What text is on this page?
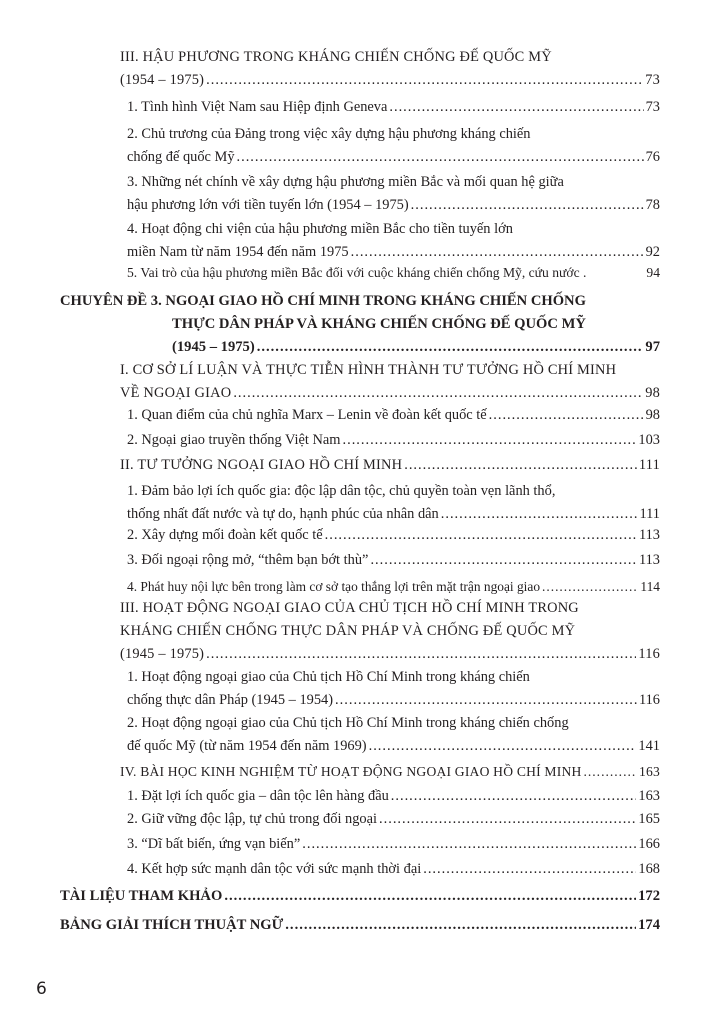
III. HẬU PHƯƠNG TRONG KHÁNG CHIẾN CHỐNG ĐẾ QUỐC MỸ
(1954 – 1975) .....	73
1. Tình hình Việt Nam sau Hiệp định Geneva .....	73
2. Chủ trương của Đảng trong việc xây dựng hậu phương kháng chiến
chống đế quốc Mỹ .....	76
3. Những nét chính về xây dựng hậu phương miền Bắc và mối quan hệ giữa
hậu phương lớn với tiền tuyến lớn (1954 – 1975) .....	78
4. Hoạt động chi viện của hậu phương miền Bắc cho tiền tuyến lớn
miền Nam từ năm 1954 đến năm 1975 .....	92
5. Vai trò của hậu phương miền Bắc đối với cuộc kháng chiến chống Mỹ, cứu nước .	94
CHUYÊN ĐỀ 3. NGOẠI GIAO HỒ CHÍ MINH TRONG KHÁNG CHIẾN CHỐNG
THỰC DÂN PHÁP VÀ KHÁNG CHIẾN CHỐNG ĐẾ QUỐC MỸ
(1945 – 1975) .....	97
I. CƠ SỞ LÍ LUẬN VÀ THỰC TIỄN HÌNH THÀNH TƯ TƯỞNG HỒ CHÍ MINH
VỀ NGOẠI GIAO .....	98
1. Quan điểm của chủ nghĩa Marx – Lenin về đoàn kết quốc tế .....	98
2. Ngoại giao truyền thống Việt Nam .....	103
II. TƯ TƯỞNG NGOẠI GIAO HỒ CHÍ MINH .....	111
1. Đảm bảo lợi ích quốc gia: độc lập dân tộc, chủ quyền toàn vẹn lãnh thổ,
thống nhất đất nước và tự do, hạnh phúc của nhân dân .....	111
2. Xây dựng mối đoàn kết quốc tế .....	113
3. Đối ngoại rộng mở, “thêm bạn bớt thù” .....	113
4. Phát huy nội lực bên trong làm cơ sở tạo thắng lợi trên mặt trận ngoại giao .....	114
III. HOẠT ĐỘNG NGOẠI GIAO CỦA CHỦ TỊCH HỒ CHÍ MINH TRONG
KHÁNG CHIẾN CHỐNG THỰC DÂN PHÁP VÀ CHỐNG ĐẾ QUỐC MỸ
(1945 – 1975) .....	116
1. Hoạt động ngoại giao của Chủ tịch Hồ Chí Minh trong kháng chiến
chống thực dân Pháp (1945 – 1954) .....	116
2. Hoạt động ngoại giao của Chủ tịch Hồ Chí Minh trong kháng chiến chống
đế quốc Mỹ (từ năm 1954 đến năm 1969) .....	141
IV. BÀI HỌC KINH NGHIỆM TỪ HOẠT ĐỘNG NGOẠI GIAO HỒ CHÍ MINH .....	163
1. Đặt lợi ích quốc gia – dân tộc lên hàng đầu .....	163
2. Giữ vững độc lập, tự chủ trong đối ngoại .....	165
3. “Dĩ bất biến, ứng vạn biến” .....	166
4. Kết hợp sức mạnh dân tộc với sức mạnh thời đại .....	168
TÀI LIỆU THAM KHẢO .....	172
BẢNG GIẢI THÍCH THUẬT NGỮ .....	174
6
